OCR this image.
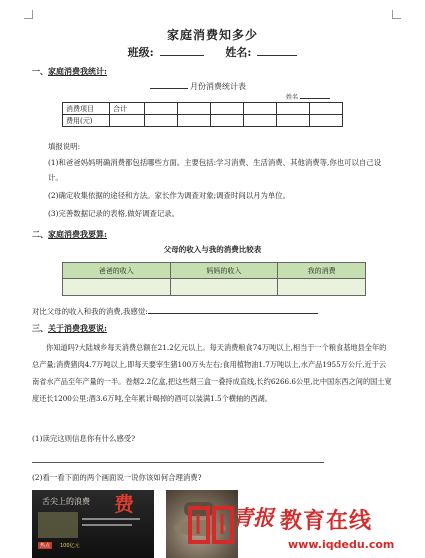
家庭消费知多少
班级:	姓名:
一、家庭消费我统计:
月份消费统计表
姓名
消费项目	合计						
费用(元)							
填报说明:
(1)和爸爸妈妈明确消费都包括哪些方面。主要包括:学习消费、生活消费、其他消费等,你也可以自己设计。
(2)确定收集依据的途径和方法。家长作为调查对象;调查时间以月为单位。
(3)完善数据记录的表格,做好调查记录。
二、家庭消费我要算:
父母的收入与我的消费比较表
爸爸的收入	妈妈的收入	我的消费

对比父母的收入和我的消费,我感觉:
三、关于消费我要说:
你知道吗?大陆城乡每天消费总额在21.2亿元以上。每天消费粮食74万吨以上,相当于一个粮食基地县全年的总产量;消费猪肉4.7万吨以上,即每天要宰生猪100万头左右;食用植物油1.7万吨以上,水产品1955万公斤,近于云南省水产品至年产量的一半。卷烟2.2亿盒,把这些烟三盒一叠持成直线,长约6266.6公里,比中国东西之间的国土宽度还长1200公里;酒3.6万吨,全年累计喝掉的酒可以装满1.5个横轴的西湖。
(1)读完这则信息你有什么感受?
(2)看一看下面的两个画面说一说你该如何合理消费?
舌尖上的浪费 费
热点	100亿元
青报 教育在线
www.iqdedu.com
